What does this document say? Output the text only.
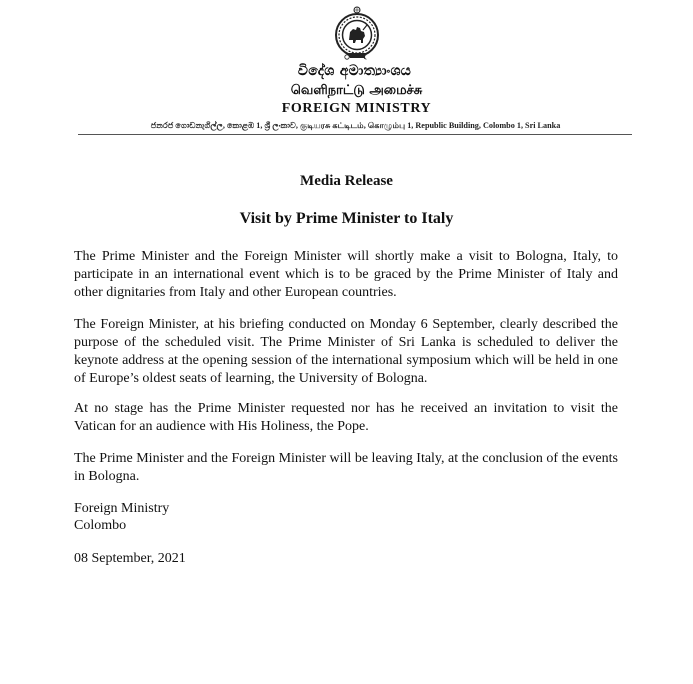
විදේශ අමාත්‍යාංශය
வெளிநாட்டு அமைச்சு
FOREIGN MINISTRY
ජනරජ ගොඩනැගිල්ල, කොළඹ 1, ශ්‍රී ලංකාව, குடியரசு கட்டிடம், கொழும்பு 1, Republic Building, Colombo 1, Sri Lanka
Media Release
Visit by Prime Minister to Italy

The Prime Minister and the Foreign Minister will shortly make a visit to Bologna, Italy, to participate in an international event which is to be graced by the Prime Minister of Italy and other dignitaries from Italy and other European countries.

The Foreign Minister, at his briefing conducted on Monday 6 September, clearly described the purpose of the scheduled visit. The Prime Minister of Sri Lanka is scheduled to deliver the keynote address at the opening session of the international symposium which will be held in one of Europe’s oldest seats of learning, the University of Bologna.

At no stage has the Prime Minister requested nor has he received an invitation to visit the Vatican for an audience with His Holiness, the Pope.

The Prime Minister and the Foreign Minister will be leaving Italy, at the conclusion of the events in Bologna.

Foreign Ministry
Colombo
08 September, 2021
